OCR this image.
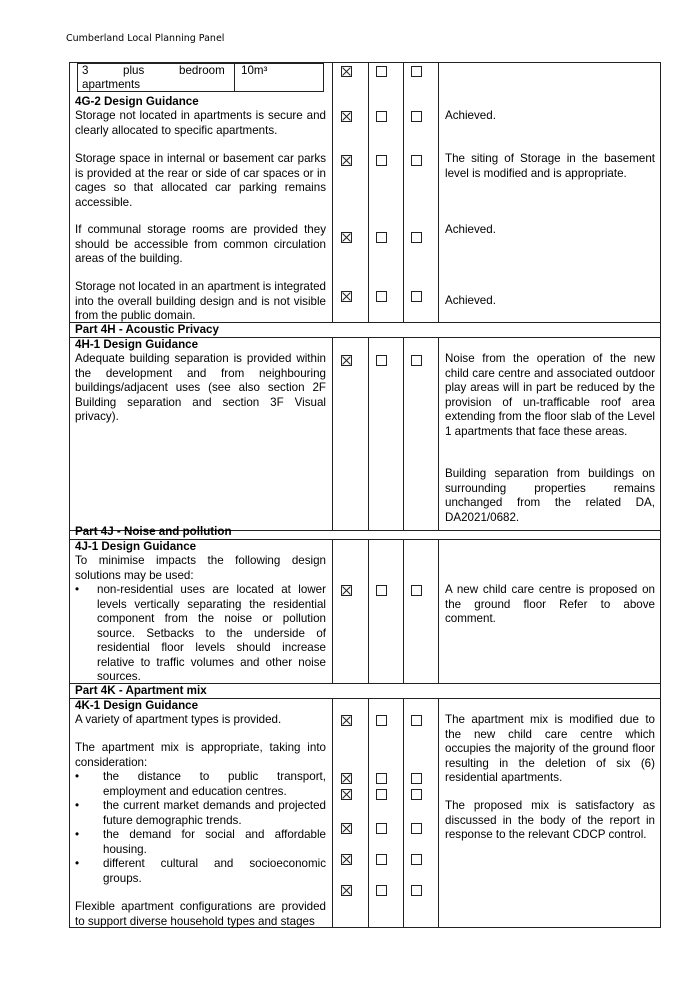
Cumberland Local Planning Panel
3	plus	bedroom
apartments
10m³
4G-2 Design Guidance
Storage not located in apartments is secure and clearly allocated to specific apartments.
Achieved.
Storage space in internal or basement car parks is provided at the rear or side of car spaces or in cages so that allocated car parking remains accessible.
The siting of Storage in the basement level is modified and is appropriate.
If communal storage rooms are provided they should be accessible from common circulation areas of the building.
Achieved.
Storage not located in an apartment is integrated into the overall building design and is not visible from the public domain.
Achieved.
Part 4H - Acoustic Privacy
4H-1 Design Guidance
Adequate building separation is provided within the development and from neighbouring buildings/adjacent uses (see also section 2F Building separation and section 3F Visual privacy).
Noise from the operation of the new child care centre and associated outdoor play areas will in part be reduced by the provision of un-trafficable roof area extending from the floor slab of the Level 1 apartments that face these areas.
Building separation from buildings on surrounding properties remains unchanged from the related DA, DA2021/0682.
Part 4J - Noise and pollution
4J-1 Design Guidance
To minimise impacts the following design solutions may be used:
• non-residential uses are located at lower levels vertically separating the residential component from the noise or pollution source. Setbacks to the underside of residential floor levels should increase relative to traffic volumes and other noise sources.
A new child care centre is proposed on the ground floor Refer to above comment.
Part 4K - Apartment mix
4K-1 Design Guidance
A variety of apartment types is provided.
The apartment mix is appropriate, taking into consideration:
• the distance to public transport, employment and education centres.
• the current market demands and projected future demographic trends.
• the demand for social and affordable housing.
• different cultural and socioeconomic groups.
Flexible apartment configurations are provided to support diverse household types and stages
The apartment mix is modified due to the new child care centre which occupies the majority of the ground floor resulting in the deletion of six (6) residential apartments.
The proposed mix is satisfactory as discussed in the body of the report in response to the relevant CDCP control.
